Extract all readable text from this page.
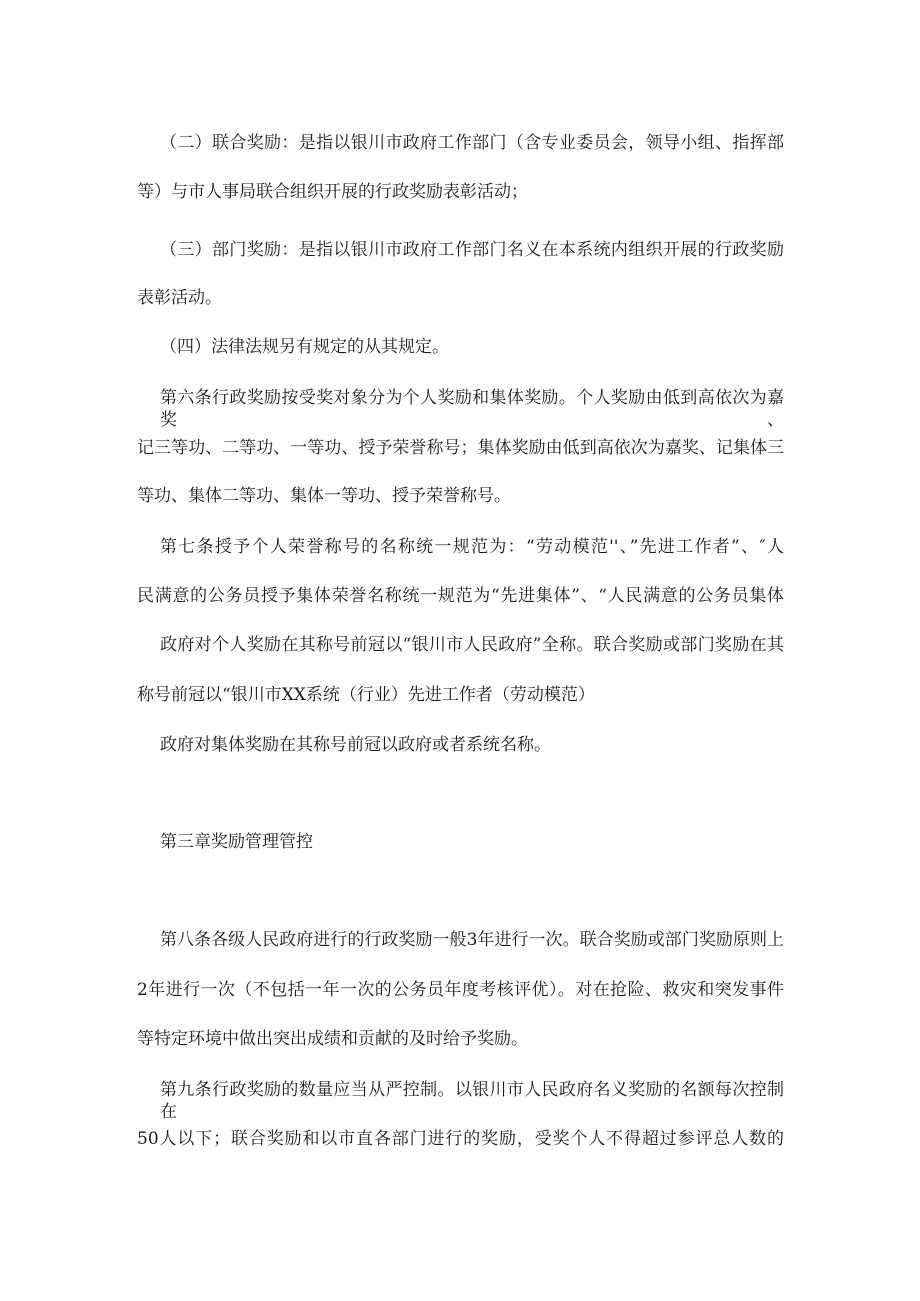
（二）联合奖励：是指以银川市政府工作部门（含专业委员会，领导小组、指挥部
等）与市人事局联合组织开展的行政奖励表彰活动；
（三）部门奖励：是指以银川市政府工作部门名义在本系统内组织开展的行政奖励
表彰活动。
（四）法律法规另有规定的从其规定。
第六条行政奖励按受奖对象分为个人奖励和集体奖励。个人奖励由低到高依次为嘉奖、
记三等功、二等功、一等功、授予荣誉称号；集体奖励由低到高依次为嘉奖、记集体三
等功、集体二等功、集体一等功、授予荣誉称号。
第七条授予个人荣誉称号的名称统一规范为：“劳动模范''、”先进工作者”、″人
民满意的公务员授予集体荣誉名称统一规范为“先进集体”、“人民满意的公务员集体
政府对个人奖励在其称号前冠以“银川市人民政府”全称。联合奖励或部门奖励在其
称号前冠以“银川市XX系统（行业）先进工作者（劳动模范）
政府对集体奖励在其称号前冠以政府或者系统名称。
第三章奖励管理管控
第八条各级人民政府进行的行政奖励一般3年进行一次。联合奖励或部门奖励原则上
2年进行一次（不包括一年一次的公务员年度考核评优）。对在抢险、救灾和突发事件
等特定环境中做出突出成绩和贡献的及时给予奖励。
第九条行政奖励的数量应当从严控制。以银川市人民政府名义奖励的名额每次控制在
50人以下；联合奖励和以市直各部门进行的奖励，受奖个人不得超过参评总人数的
